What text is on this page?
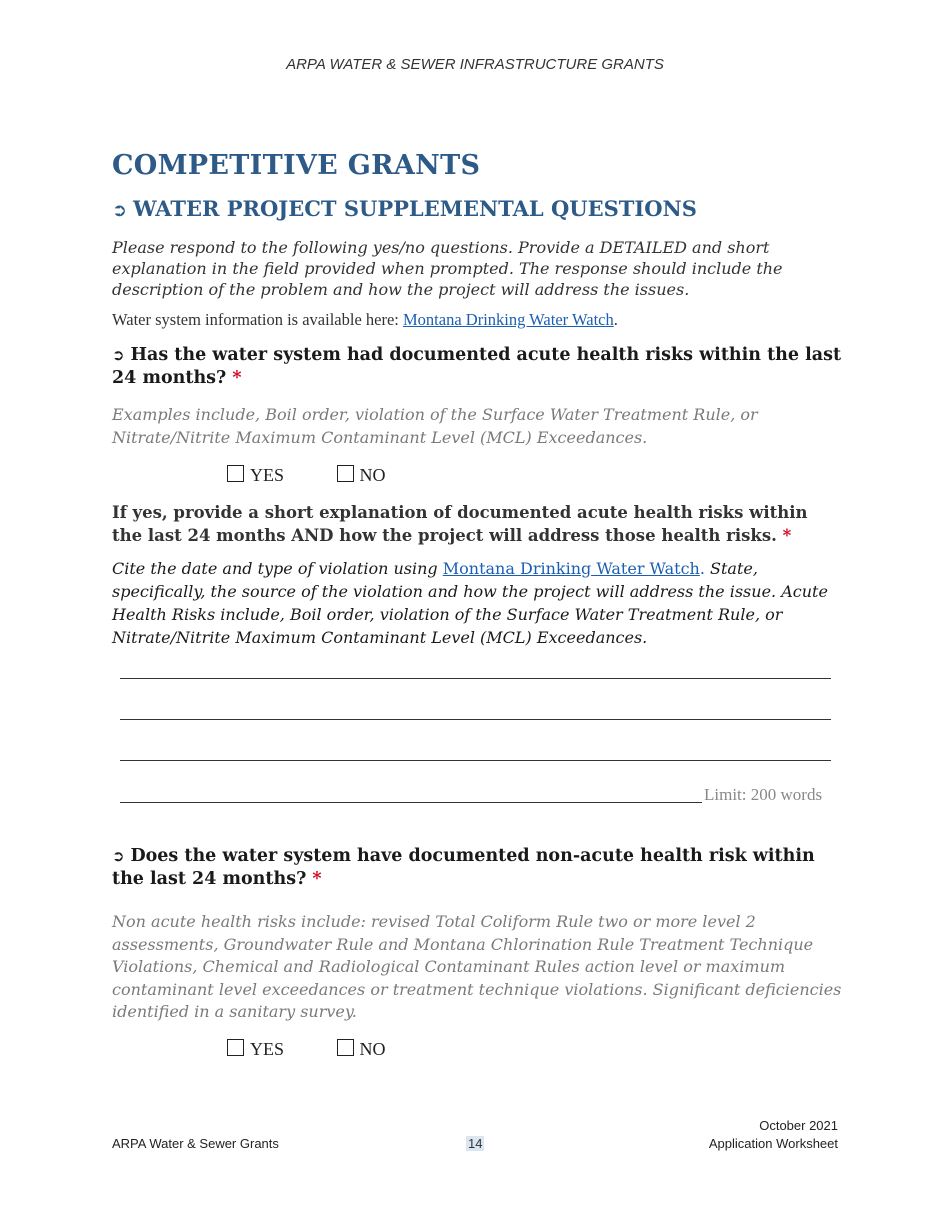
ARPA WATER & SEWER INFRASTRUCTURE GRANTS
COMPETITIVE GRANTS
➲ WATER PROJECT SUPPLEMENTAL QUESTIONS
Please respond to the following yes/no questions. Provide a DETAILED and short explanation in the field provided when prompted. The response should include the description of the problem and how the project will address the issues.
Water system information is available here: Montana Drinking Water Watch.
➲ Has the water system had documented acute health risks within the last 24 months? *
Examples include, Boil order, violation of the Surface Water Treatment Rule, or Nitrate/Nitrite Maximum Contaminant Level (MCL) Exceedances.
YES	NO
If yes, provide a short explanation of documented acute health risks within the last 24 months AND how the project will address those health risks. *
Cite the date and type of violation using Montana Drinking Water Watch. State, specifically, the source of the violation and how the project will address the issue. Acute Health Risks include, Boil order, violation of the Surface Water Treatment Rule, or Nitrate/Nitrite Maximum Contaminant Level (MCL) Exceedances.
Limit: 200 words
➲ Does the water system have documented non-acute health risk within the last 24 months? *
Non acute health risks include: revised Total Coliform Rule two or more level 2 assessments, Groundwater Rule and Montana Chlorination Rule Treatment Technique Violations, Chemical and Radiological Contaminant Rules action level or maximum contaminant level exceedances or treatment technique violations. Significant deficiencies identified in a sanitary survey.
YES	NO
ARPA Water & Sewer Grants	14
October 2021
Application Worksheet
